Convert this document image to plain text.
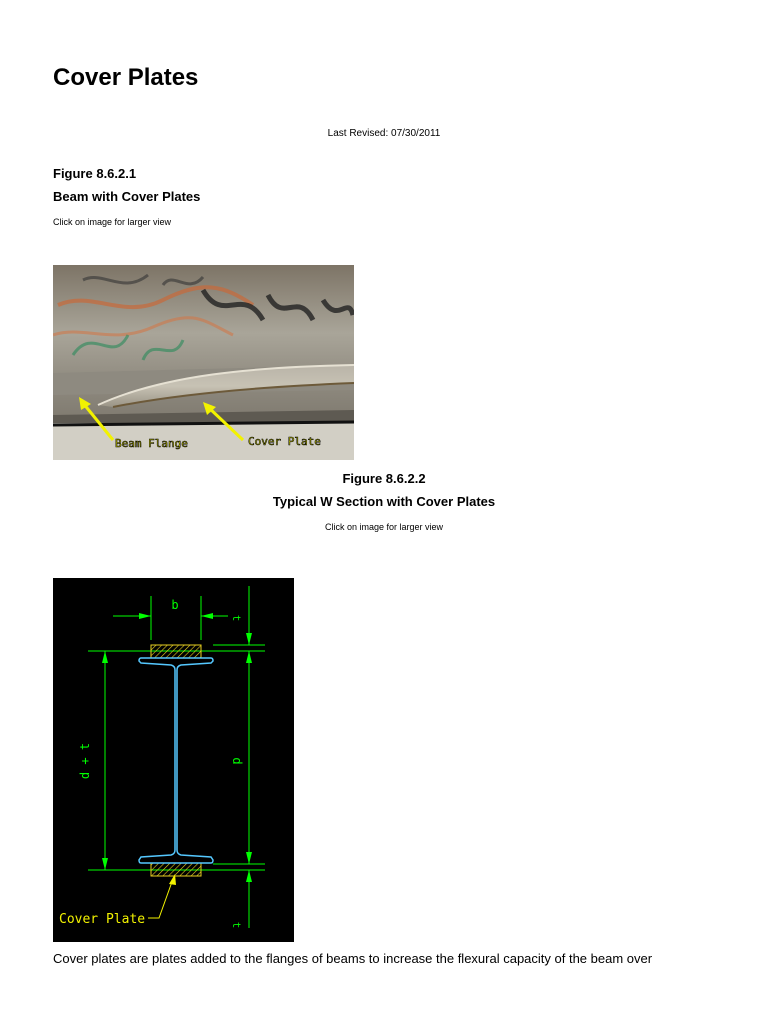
Cover Plates
Last Revised: 07/30/2011
Figure 8.6.2.1
Beam with Cover Plates
Click on image for larger view
Beam Flange	Cover Plate
Figure 8.6.2.2
Typical W Section with Cover Plates
Click on image for larger view
b
t
d
d + t
t
Cover Plate
Cover plates are plates added to the flanges of beams to increase the flexural capacity of the beam over
